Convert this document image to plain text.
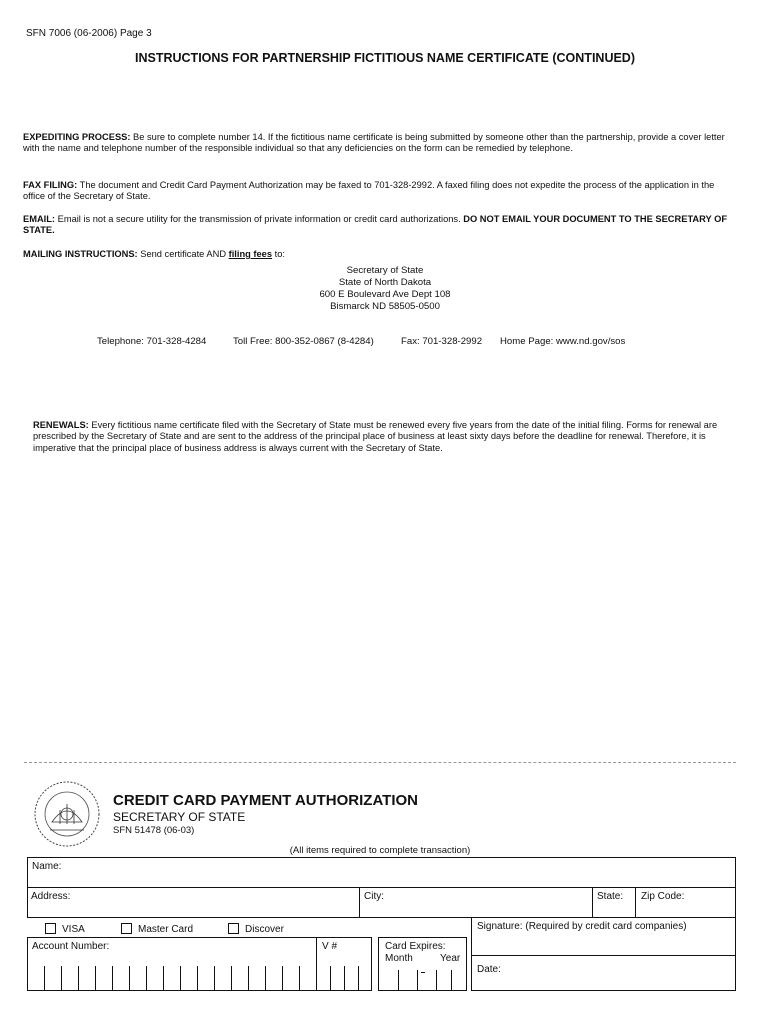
SFN 7006 (06-2006) Page 3
INSTRUCTIONS FOR PARTNERSHIP FICTITIOUS NAME CERTIFICATE (CONTINUED)
EXPEDITING PROCESS: Be sure to complete number 14. If the fictitious name certificate is being submitted by someone other than the partnership, provide a cover letter with the name and telephone number of the responsible individual so that any deficiencies on the form can be remedied by telephone.
FAX FILING: The document and Credit Card Payment Authorization may be faxed to 701-328-2992. A faxed filing does not expedite the process of the application in the office of the Secretary of State.
EMAIL: Email is not a secure utility for the transmission of private information or credit card authorizations. DO NOT EMAIL YOUR DOCUMENT TO THE SECRETARY OF STATE.
MAILING INSTRUCTIONS: Send certificate AND filing fees to:
Secretary of State
State of North Dakota
600 E Boulevard Ave Dept 108
Bismarck ND 58505-0500
Telephone: 701-328-4284	Toll Free: 800-352-0867 (8-4284)	Fax: 701-328-2992 Home Page: www.nd.gov/sos
RENEWALS: Every fictitious name certificate filed with the Secretary of State must be renewed every five years from the date of the initial filing. Forms for renewal are prescribed by the Secretary of State and are sent to the address of the principal place of business at least sixty days before the deadline for renewal. Therefore, it is imperative that the principal place of business address is always current with the Secretary of State.
CREDIT CARD PAYMENT AUTHORIZATION
SECRETARY OF STATE
SFN 51478 (06-03)
(All items required to complete transaction)
Name:
Address:	City:	State: Zip Code:
VISA	Master Card	Discover	Signature: (Required by credit card companies)
Date:
Account Number:	V #	Card Expires:
Month	Year
